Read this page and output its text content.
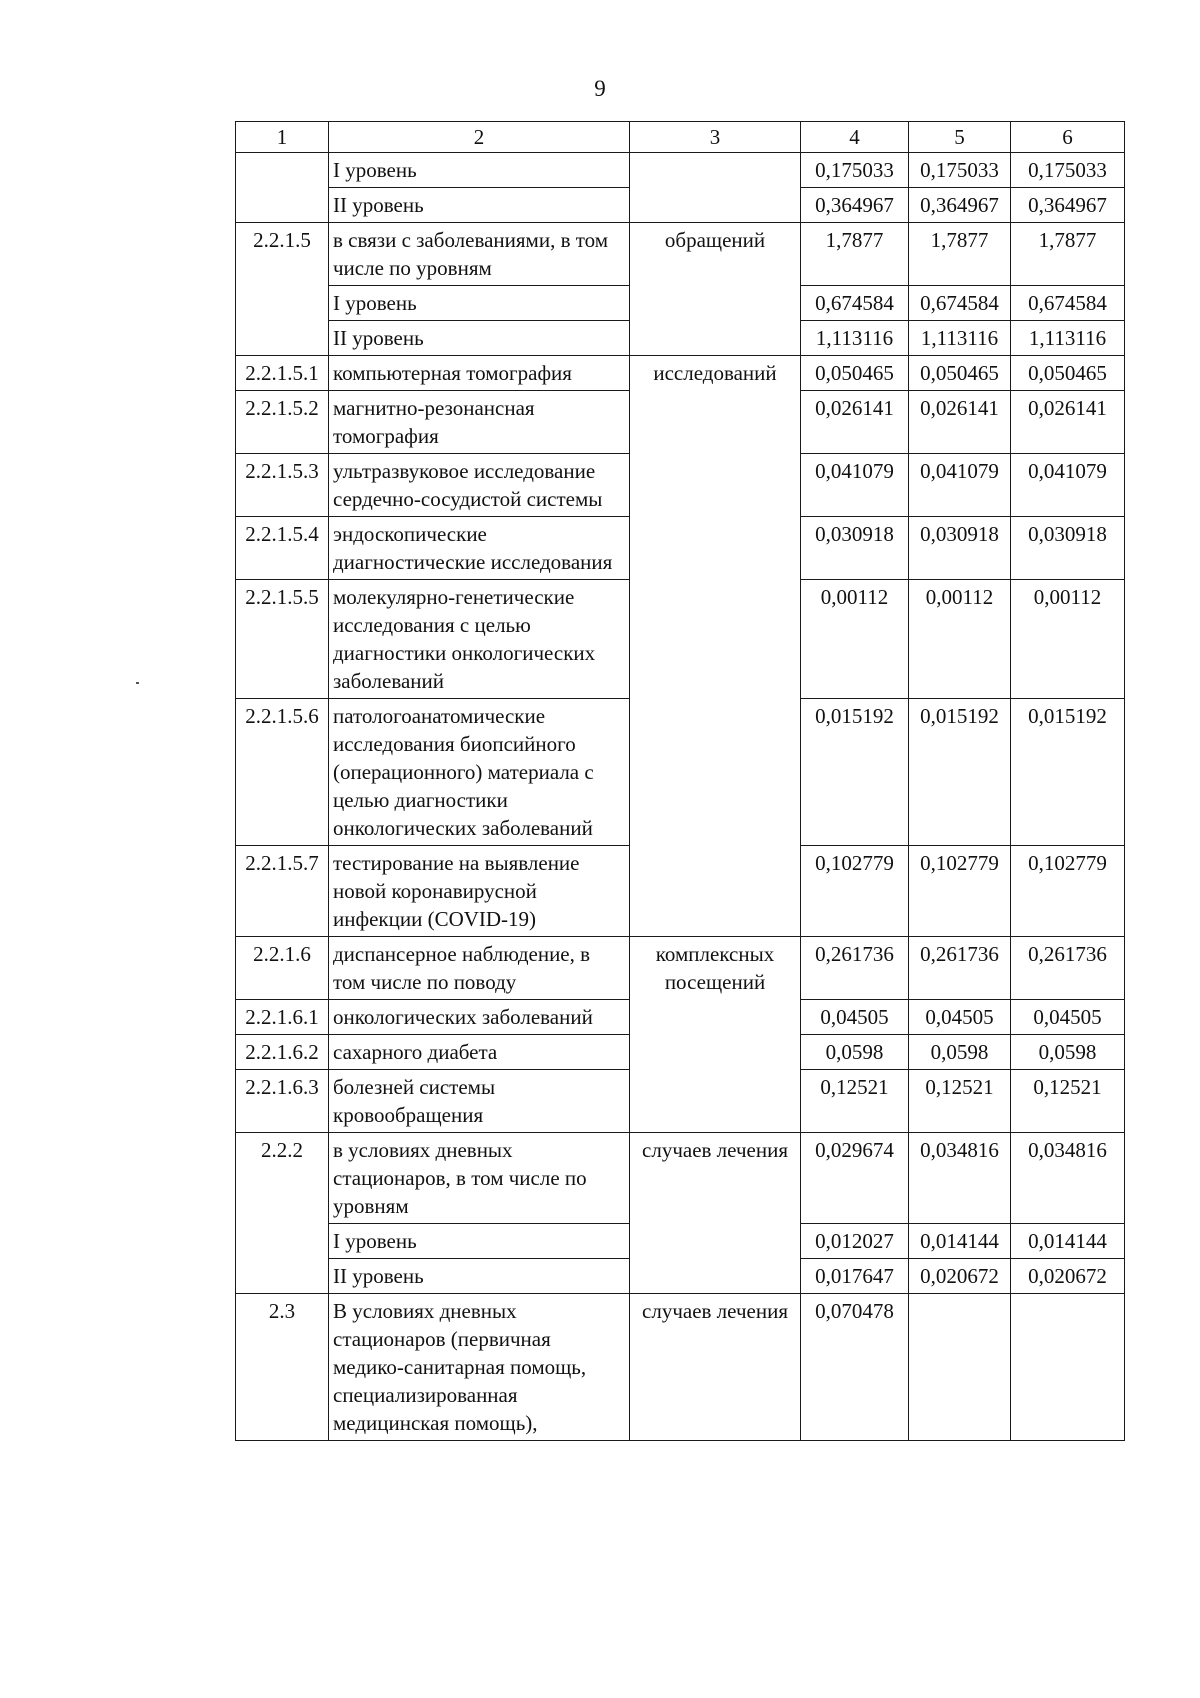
9
1	2	3	4	5	6
	I уровень		0,175033	0,175033	0,175033
	II уровень		0,364967	0,364967	0,364967
2.2.1.5	в связи с заболеваниями, в том числе по уровням	обращений	1,7877	1,7877	1,7877
	I уровень		0,674584	0,674584	0,674584
	II уровень		1,113116	1,113116	1,113116
2.2.1.5.1	компьютерная томография	исследований	0,050465	0,050465	0,050465
2.2.1.5.2	магнитно-резонансная томография		0,026141	0,026141	0,026141
2.2.1.5.3	ультразвуковое исследование сердечно-сосудистой системы		0,041079	0,041079	0,041079
2.2.1.5.4	эндоскопические диагностические исследования		0,030918	0,030918	0,030918
2.2.1.5.5	молекулярно-генетические исследования с целью диагностики онкологических заболеваний		0,00112	0,00112	0,00112
2.2.1.5.6	патологоанатомические исследования биопсийного (операционного) материала с целью диагностики онкологических заболеваний		0,015192	0,015192	0,015192
2.2.1.5.7	тестирование на выявление новой коронавирусной инфекции (COVID-19)		0,102779	0,102779	0,102779
2.2.1.6	диспансерное наблюдение, в том числе по поводу	комплексных посещений	0,261736	0,261736	0,261736
2.2.1.6.1	онкологических заболеваний		0,04505	0,04505	0,04505
2.2.1.6.2	сахарного диабета		0,0598	0,0598	0,0598
2.2.1.6.3	болезней системы кровообращения		0,12521	0,12521	0,12521
2.2.2	в условиях дневных стационаров, в том числе по уровням	случаев лечения	0,029674	0,034816	0,034816
	I уровень		0,012027	0,014144	0,014144
	II уровень		0,017647	0,020672	0,020672
2.3	В условиях дневных стационаров (первичная медико-санитарная помощь, специализированная медицинская помощь),	случаев лечения	0,070478		
